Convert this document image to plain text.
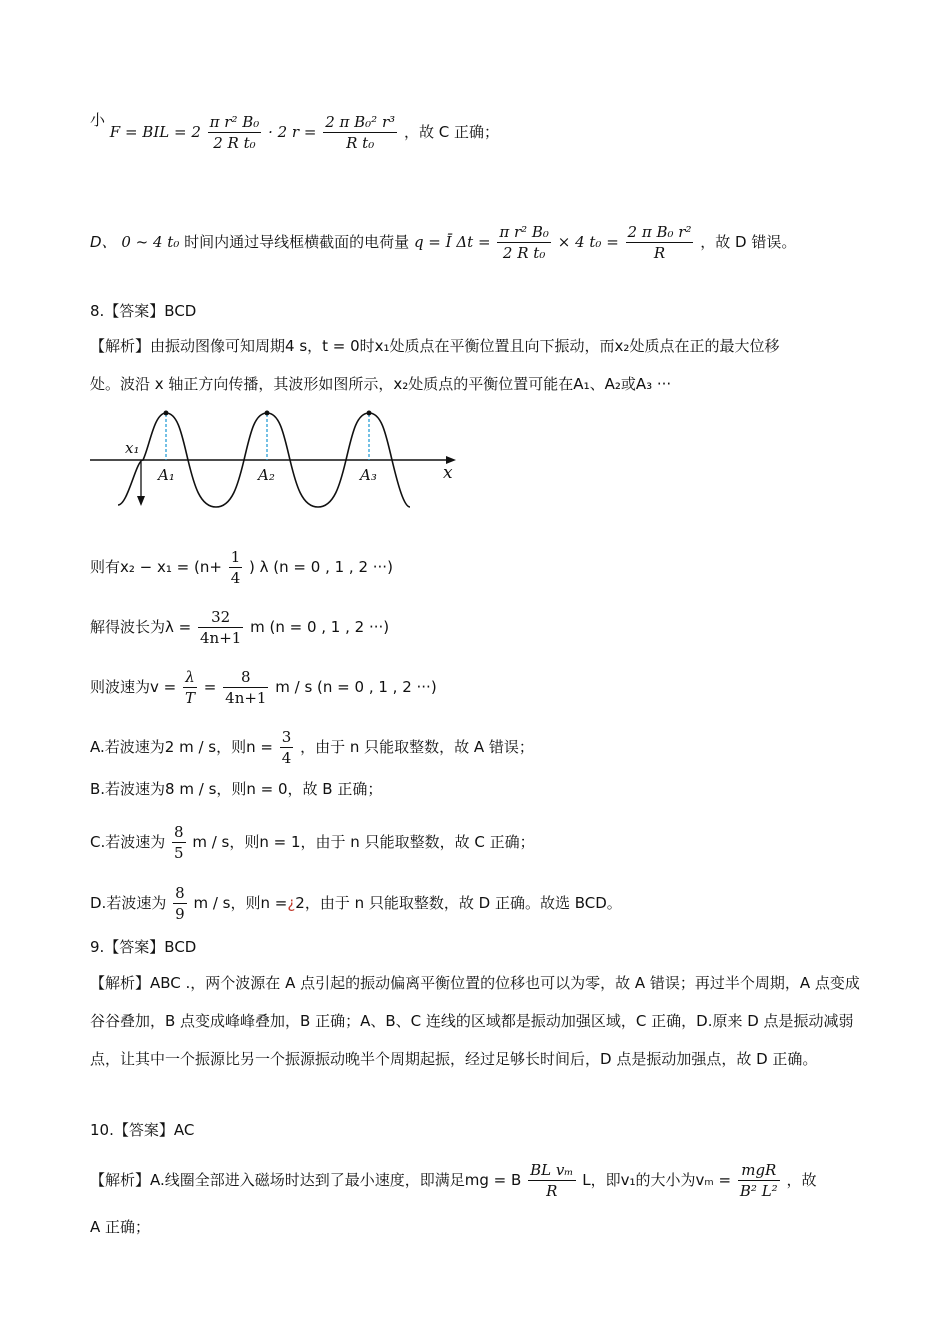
小 F = BIL = $2 \frac{\text{π r² B₀}}{\text{2 R t₀}} \cdot 2$ $r = \frac{\text{2 π B₀² r³}}{\text{R t₀}}$ ，故 C 正确；
D、 0 ~ 4 t₀ 时间内通过导线框横截面的电荷量 q = Ī $\Delta t = \frac{\text{π r² B₀}}{\text{2 R t₀}} \times 4$ $t_0 = \frac{\text{2 π B₀ r²}}{R}$ ，故 D 错误。
8.【答案】BCD
【解析】由振动图像可知周期4 s，t = 0时x₁处质点在平衡位置且向下振动，而x₂处质点在正的最大位移
处。波沿 x 轴正方向传播，其波形如图所示，x₂处质点的平衡位置可能在A₁、A₂或A₃ ···
x₁
A₁	A₂	A₃	x
则有$x_2 - x_1 = (n+ \frac{1}{4}$ ) λ (n = 0 , 1 , 2 ···)
解得波长为$\lambda = \frac{32}{4n+1}$ m (n = 0 , 1 , 2 ···)
则波速为$v = \frac{\lambda}{T} = \frac{8}{4n+1}$ m / s (n = 0 , 1 , 2 ···)
A.若波速为2 m / s，则$n = \frac{3}{4}$ ，由于 n 只能取整数，故 A 错误；
B.若波速为8 m / s，则n = 0，故 B 正确；
C.若波速为 $\frac{8}{5}$ m / s，则n = 1，由于 n 只能取整数，故 C 正确；
D.若波速为 $\frac{8}{9}$ m / s，则n =¿2，由于 n 只能取整数，故 D 正确。故选 BCD。
9.【答案】BCD
【解析】ABC .，两个波源在 A 点引起的振动偏离平衡位置的位移也可以为零，故 A 错误；再过半个周期，A 点变成谷谷叠加，B 点变成峰峰叠加，B 正确；A、B、C 连线的区域都是振动加强区域，C 正确，D.原来 D 点是振动减弱点，让其中一个振源比另一个振源振动晚半个周期起振，经过足够长时间后，D 点是振动加强点，故 D 正确。
10.【答案】AC
【解析】A.线圈全部进入磁场时达到了最小速度，即满足mg = B $\frac{\text{BL vₘ}}{R}$ L，即v₁的大小为$v_m = \frac{\text{mgR}}{\text{B² L²}}$ ，故
A 正确；
